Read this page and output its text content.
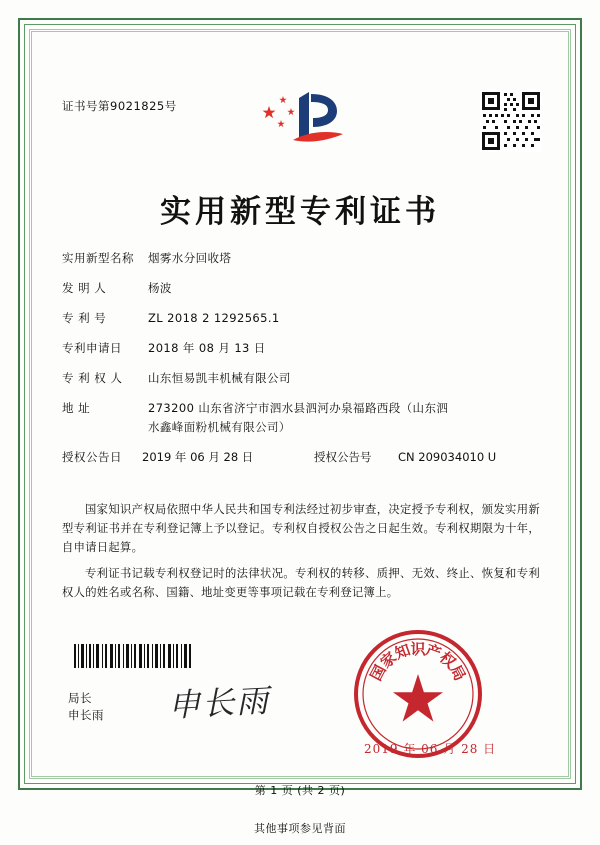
证书号第9021825号
实用新型专利证书
实用新型名称	烟雾水分回收塔
发 明 人	杨波
专 利 号	ZL 2018 2 1292565.1
专利申请日	2018 年 08 月 13 日
专 利 权 人	山东恒易凯丰机械有限公司
地 址	273200 山东省济宁市泗水县泗河办泉福路西段（山东泗
水鑫峰面粉机械有限公司）
授权公告日	2019 年 06 月 28 日	授权公告号	CN 209034010 U

国家知识产权局依照中华人民共和国专利法经过初步审查，决定授予专利权，颁发实用新型专利证书并在专利登记簿上予以登记。专利权自授权公告之日起生效。专利权期限为十年，自申请日起算。

专利证书记载专利权登记时的法律状况。专利权的转移、质押、无效、终止、恢复和专利权人的姓名或名称、国籍、地址变更等事项记载在专利登记簿上。

局长
申长雨 申长雨
国
家
知
识
产
权
局
2019 年 06 月 28 日
第 1 页 (共 2 页)
其他事项参见背面
